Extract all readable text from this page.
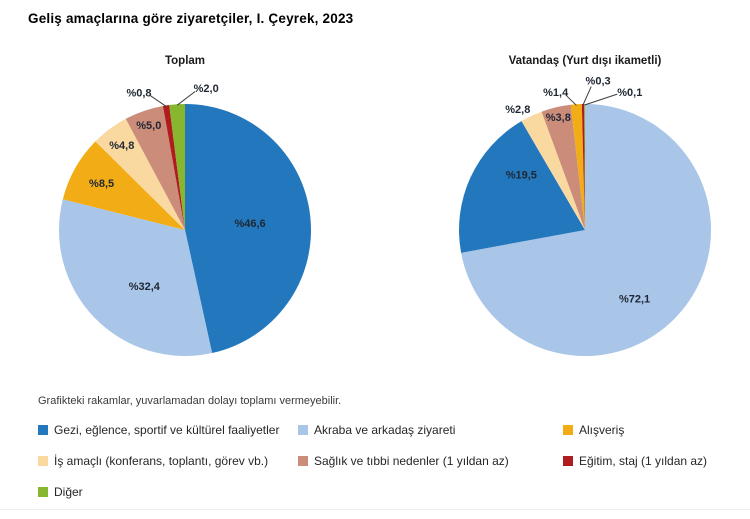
Geliş amaçlarına göre ziyaretçiler, I. Çeyrek, 2023
Toplam
%46,6
%32,4
%8,5
%4,8
%5,0
%0,8	%2,0
Vatandaş (Yurt dışı ikametli)
%72,1
%19,5
%2,8
%3,8
%1,4
%0,3
%0,1
Grafikteki rakamlar, yuvarlamadan dolayı toplamı vermeyebilir.
Gezi, eğlence, sportif ve kültürel faaliyetler	Akraba ve arkadaş ziyareti	Alışveriş
İş amaçlı (konferans, toplantı, görev vb.)	Sağlık ve tıbbi nedenler (1 yıldan az)	Eğitim, staj (1 yıldan az)
Diğer
